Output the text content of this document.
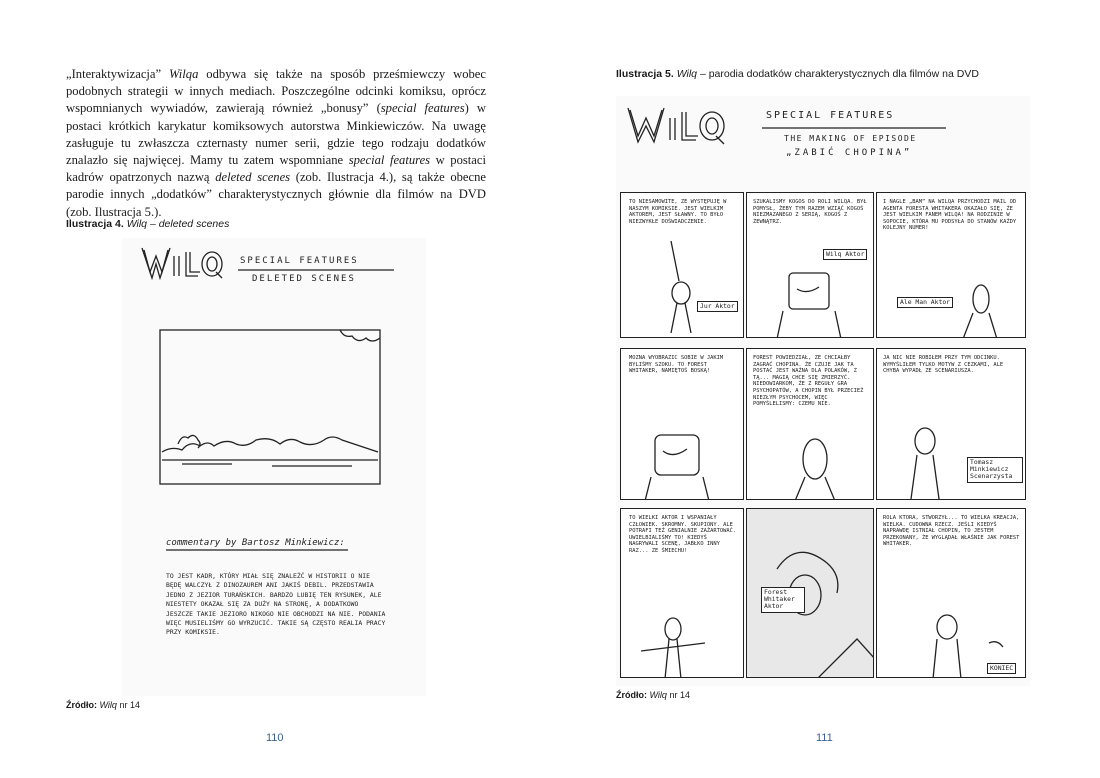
„Interaktywizacja” Wilqa odbywa się także na sposób prześmiewczy wobec podobnych strategii w innych mediach. Poszczególne odcinki komiksu, oprócz wspomnianych wywiadów, zawierają również „bonusy” (special features) w postaci krótkich karykatur komiksowych autorstwa Minkiewiczów. Na uwagę zasługuje tu zwłaszcza czternasty numer serii, gdzie tego rodzaju dodatków znalazło się najwięcej. Mamy tu zatem wspomniane special features w postaci kadrów opatrzonych nazwą deleted scenes (zob. Ilustracja 4.), są także obecne parodie innych „dodatków” charakterystycznych głównie dla filmów na DVD (zob. Ilustracja 5.).

Ilustracja 4. Wilq – deleted scenes
SPECIAL FEATURES
DELETED SCENES
commentary by Bartosz Minkiewicz:
TO JEST KADR, KTÓRY MIAŁ SIĘ ZNALEŹĆ W HISTORII O NIE BĘDĘ WALCZYŁ Z DINOZAUREM ANI JAKIŚ DEBIL. PRZEDSTAWIA JEDNO Z JEZIOR TURAŃSKICH. BARDZO LUBIĘ TEN RYSUNEK, ALE NIESTETY OKAZAŁ SIĘ ZA DUŻY NA STRONĘ, A DODATKOWO JESZCZE TAKIE JEZIORO NIKOGO NIE OBCHODZI NA NIE. PODANIA WIĘC MUSIELIŚMY GO WYRZUCIĆ. TAKIE SĄ CZĘSTO REALIA PRACY PRZY KOMIKSIE.
Źródło: Wilq nr 14
110
Ilustracja 5. Wilq – parodia dodatków charakterystycznych dla filmów na DVD
SPECIAL FEATURES
THE MAKING OF EPISODE
„ZABIĆ CHOPINA”
TO NIESAMOWITE, ŻE WYSTĘPUJĘ W NASZYM KOMIKSIE. JEST WIELKIM AKTOREM, JEST SŁAWNY. TO BYŁO NIEZWYKŁE DOŚWIADCZENIE.
Jur Aktor
SZUKALIŚMY KOGOŚ DO ROLI WILQA. BYŁ POMYSŁ, ŻEBY TYM RAZEM WZIĄĆ KOGOŚ NIEZMAZANEGO Z SERIĄ, KOGOŚ Z ZEWNĄTRZ.
Wilq Aktor
I NAGLE „BAM” NA WILQA PRZYCHODZI MAIL OD AGENTA FORESTA WHITAKERA OKAZAŁO SIĘ, ŻE JEST WIELKIM FANEM WILQA! NA RODZINIE W SOPOCIE, KTÓRA MU PODSYŁA DO STANÓW KAŻDY KOLEJNY NUMER!
Ale Man Aktor
MOŻNA WYOBRAZIĆ SOBIE W JAKIM BYLIŚMY SZOKU. TO FOREST WHITAKER, NAMIĘTOŚ BOSKĄ!
FOREST POWIEDZIAŁ, ŻE CHCIAŁBY ZAGRAĆ CHOPINA. ŻE CZUJE JAK TA POSTAĆ JEST WAŻNA DLA POLAKÓW, Z TĄ... MAGIĄ CHCE SIĘ ZMIERZYĆ. NIEDOWIARKOM, ŻE Z REGUŁY GRA PSYCHOPATÓW, A CHOPIN BYŁ PRZECIEŻ NIEZŁYM PSYCHOCEM, WIĘC POMYŚLELISMY: CZEMU NIE.
JA NIC NIE ROBIŁEM PRZY TYM ODCINKU. WYMYŚLIŁEM TYLKO MOTYW Z CEZKAMI, ALE CHYBA WYPADŁ ZE SCENARIUSZA.
Tomasz Minkiewicz Scenarzysta
TO WIELKI AKTOR I WSPANIAŁY CZŁOWIEK. SKROMNY. SKUPIONY. ALE POTRAFI TEŻ GENIALNIE ZAŻARTOWAĆ. UWIELBIALIŚMY TO! KIEDYŚ NAGRYWALI SCENĘ, JABŁKO INNY RAZ... ZE ŚMIECHU!
Forest Whitaker Aktor
ROLA KTÓRA, STWORZYŁ... TO WIELKA KREACJA, WIELKA. CUDOWNA RZECZ. JEŚLI KIEDYŚ NAPRAWDĘ ISTNIAŁ CHOPIN, TO JESTEM PRZEKONANY, ŻE WYGLĄDAŁ WŁAŚNIE JAK FOREST WHITAKER.
KONIEC
Źródło: Wilq nr 14
111
